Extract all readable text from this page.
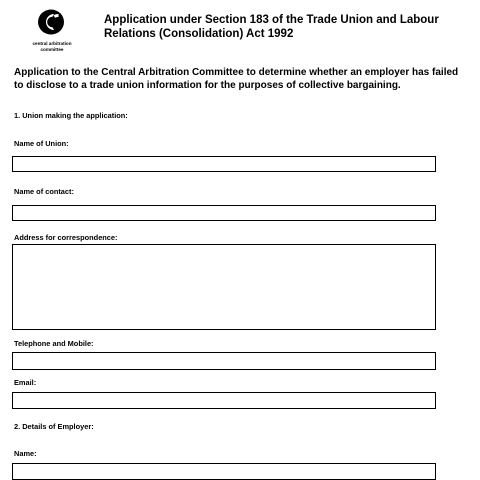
central arbitration
committee
Application under Section 183 of the Trade Union and Labour Relations (Consolidation) Act 1992
Application to the Central Arbitration Committee to determine whether an employer has failed to disclose to a trade union information for the purposes of collective bargaining.
1. Union making the application:
Name of Union:
Name of contact:
Address for correspondence:
Telephone and Mobile:
Email:
2. Details of Employer:
Name:
